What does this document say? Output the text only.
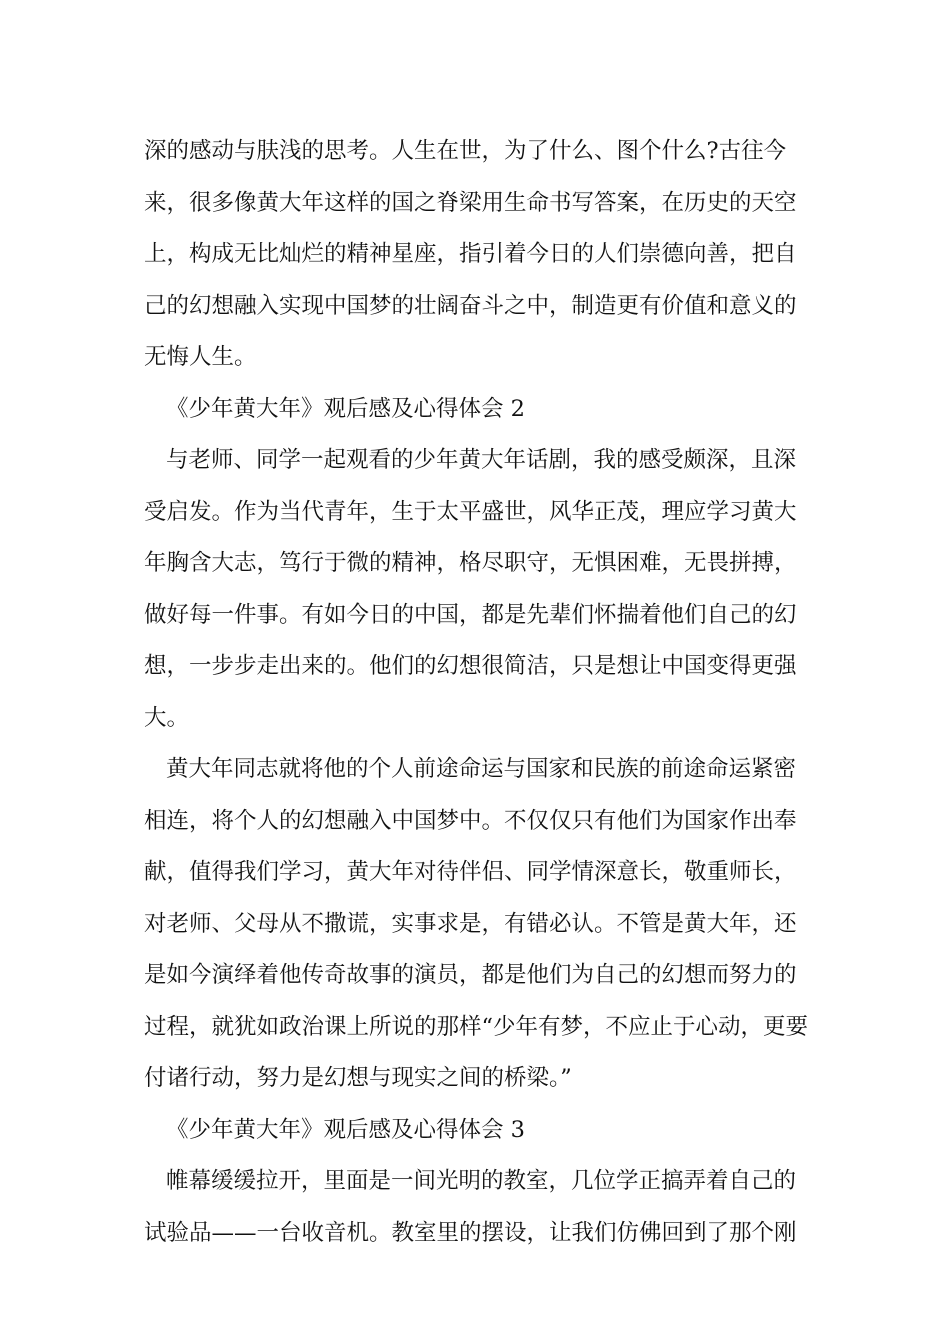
深的感动与肤浅的思考。人生在世，为了什么、图个什么?古往今来，很多像黄大年这样的国之脊梁用生命书写答案，在历史的天空上，构成无比灿烂的精神星座，指引着今日的人们崇德向善，把自己的幻想融入实现中国梦的壮阔奋斗之中，制造更有价值和意义的无悔人生。

《少年黄大年》观后感及心得体会 2

与老师、同学一起观看的少年黄大年话剧，我的感受颇深，且深受启发。作为当代青年，生于太平盛世，风华正茂，理应学习黄大年胸含大志，笃行于微的精神，格尽职守，无惧困难，无畏拼搏，做好每一件事。有如今日的中国，都是先辈们怀揣着他们自己的幻想，一步步走出来的。他们的幻想很简洁，只是想让中国变得更强大。

黄大年同志就将他的个人前途命运与国家和民族的前途命运紧密相连，将个人的幻想融入中国梦中。不仅仅只有他们为国家作出奉献，值得我们学习，黄大年对待伴侣、同学情深意长，敬重师长，对老师、父母从不撒谎，实事求是，有错必认。不管是黄大年，还是如今演绎着他传奇故事的演员，都是他们为自己的幻想而努力的过程，就犹如政治课上所说的那样“少年有梦，不应止于心动，更要付诸行动，努力是幻想与现实之间的桥梁。”

《少年黄大年》观后感及心得体会 3

帷幕缓缓拉开，里面是一间光明的教室，几位学正搞弄着自己的试验品——一台收音机。教室里的摆设，让我们仿佛回到了那个刚
